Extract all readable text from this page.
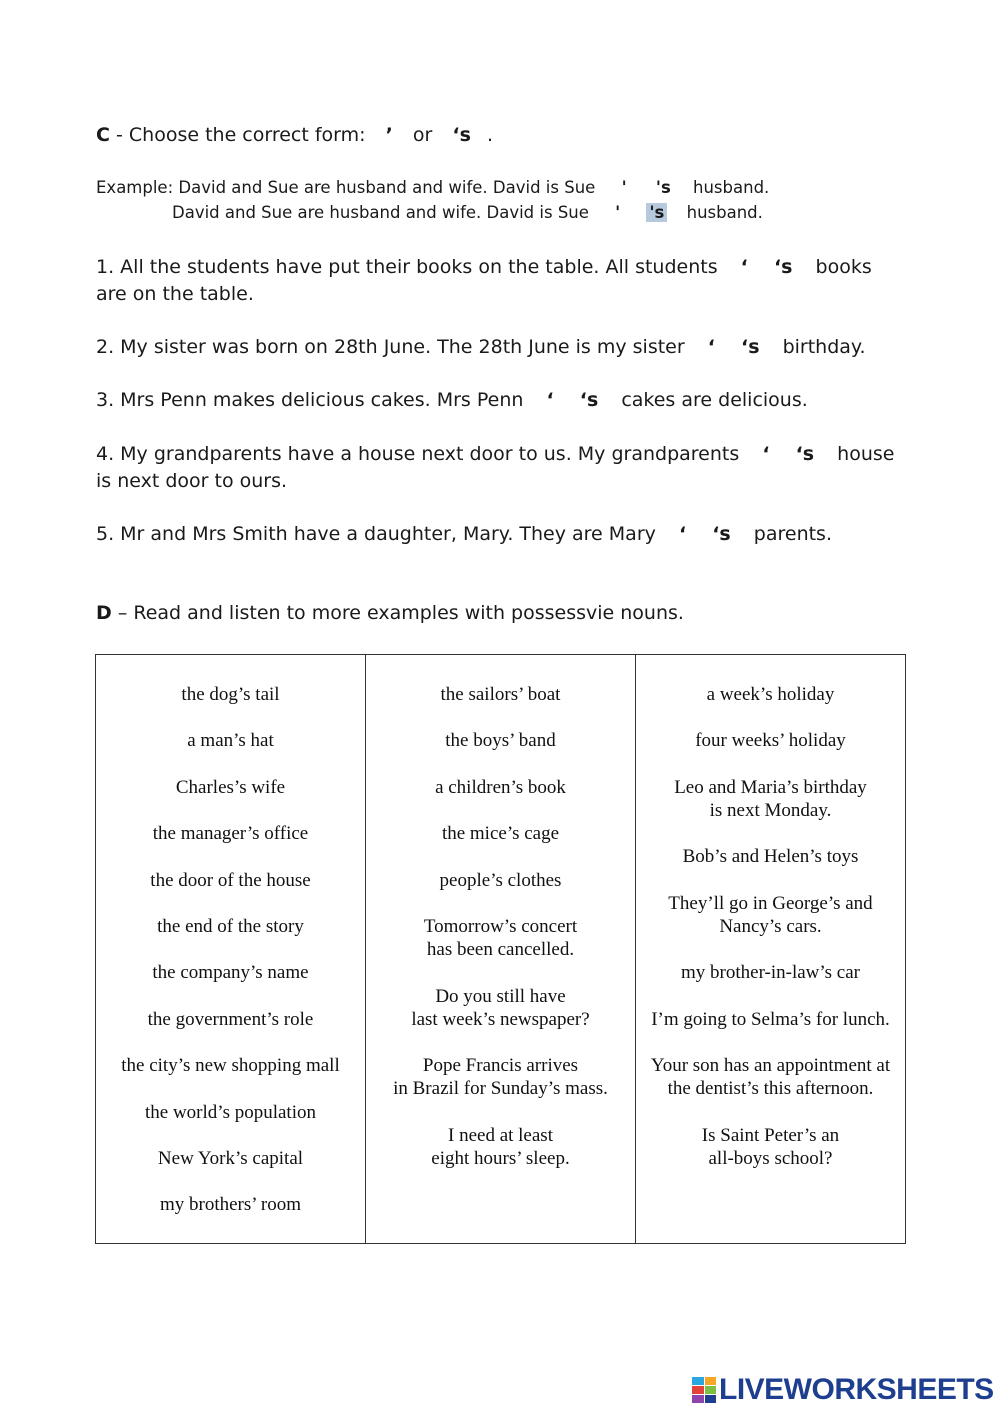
C - Choose the correct form: ’ or ‘s .
Example: David and Sue are husband and wife. David is Sue ' 's husband.
David and Sue are husband and wife. David is Sue ' 's husband.
1. All the students have put their books on the table. All students ‘ ‘s books are on the table.
2. My sister was born on 28th June. The 28th June is my sister ‘ ‘s birthday.
3. Mrs Penn makes delicious cakes. Mrs Penn ‘ ‘s cakes are delicious.
4. My grandparents have a house next door to us. My grandparents ‘ ‘s house is next door to ours.
5. Mr and Mrs Smith have a daughter, Mary. They are Mary ‘ ‘s parents.
D – Read and listen to more examples with possessvie nouns.
the dog’s tail
a man’s hat
Charles’s wife
the manager’s office
the door of the house
the end of the story
the company’s name
the government’s role
the city’s new shopping mall
the world’s population
New York’s capital
my brothers’ room

the sailors’ boat
the boys’ band
a children’s book
the mice’s cage
people’s clothes
Tomorrow’s concert
has been cancelled.
Do you still have
last week’s newspaper?
Pope Francis arrives
in Brazil for Sunday’s mass.
I need at least
eight hours’ sleep.

a week’s holiday
four weeks’ holiday
Leo and Maria’s birthday
is next Monday.
Bob’s and Helen’s toys
They’ll go in George’s and
Nancy’s cars.
my brother-in-law’s car
I’m going to Selma’s for lunch.
Your son has an appointment at
the dentist’s this afternoon.
Is Saint Peter’s an
all-boys school?
LIVEWORKSHEETS
